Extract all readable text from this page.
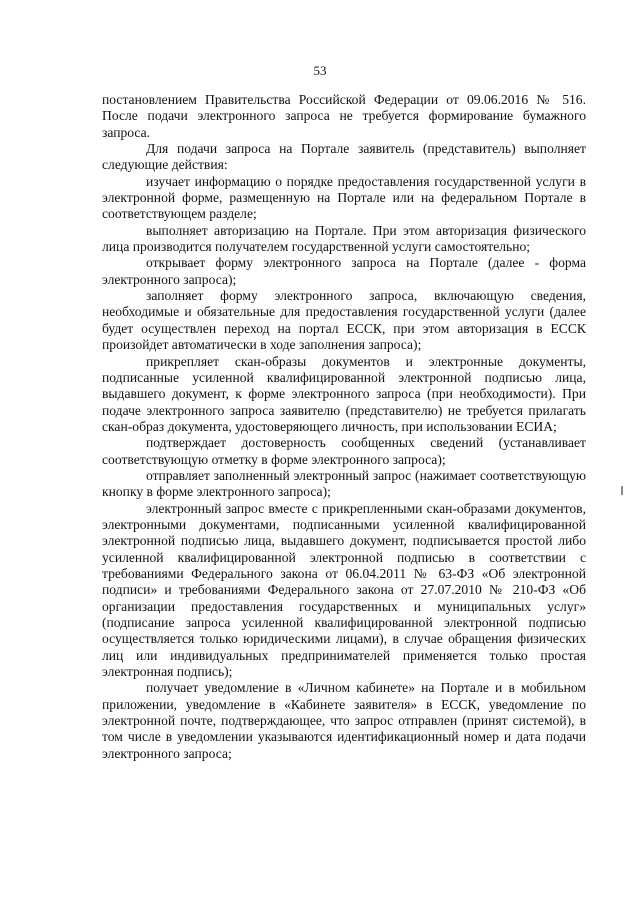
53

постановлением Правительства Российской Федерации от 09.06.2016 № 516. После подачи электронного запроса не требуется формирование бумажного запроса.

Для подачи запроса на Портале заявитель (представитель) выполняет следующие действия:

изучает информацию о порядке предоставления государственной услуги в электронной форме, размещенную на Портале или на федеральном Портале в соответствующем разделе;

выполняет авторизацию на Портале. При этом авторизация физического лица производится получателем государственной услуги самостоятельно;

открывает форму электронного запроса на Портале (далее - форма электронного запроса);

заполняет форму электронного запроса, включающую сведения, необходимые и обязательные для предоставления государственной услуги (далее будет осуществлен переход на портал ЕССК, при этом авторизация в ЕССК произойдет автоматически в ходе заполнения запроса);

прикрепляет скан-образы документов и электронные документы, подписанные усиленной квалифицированной электронной подписью лица, выдавшего документ, к форме электронного запроса (при необходимости). При подаче электронного запроса заявителю (представителю) не требуется прилагать скан-образ документа, удостоверяющего личность, при использовании ЕСИА;

подтверждает достоверность сообщенных сведений (устанавливает соответствующую отметку в форме электронного запроса);

отправляет заполненный электронный запрос (нажимает соответствующую кнопку в форме электронного запроса);

электронный запрос вместе с прикрепленными скан-образами документов, электронными документами, подписанными усиленной квалифицированной электронной подписью лица, выдавшего документ, подписывается простой либо усиленной квалифицированной электронной подписью в соответствии с требованиями Федерального закона от 06.04.2011 № 63-ФЗ «Об электронной подписи» и требованиями Федерального закона от 27.07.2010 № 210-ФЗ «Об организации предоставления государственных и муниципальных услуг» (подписание запроса усиленной квалифицированной электронной подписью осуществляется только юридическими лицами), в случае обращения физических лиц или индивидуальных предпринимателей применяется только простая электронная подпись);

получает уведомление в «Личном кабинете» на Портале и в мобильном приложении, уведомление в «Кабинете заявителя» в ЕССК, уведомление по электронной почте, подтверждающее, что запрос отправлен (принят системой), в том числе в уведомлении указываются идентификационный номер и дата подачи электронного запроса;
